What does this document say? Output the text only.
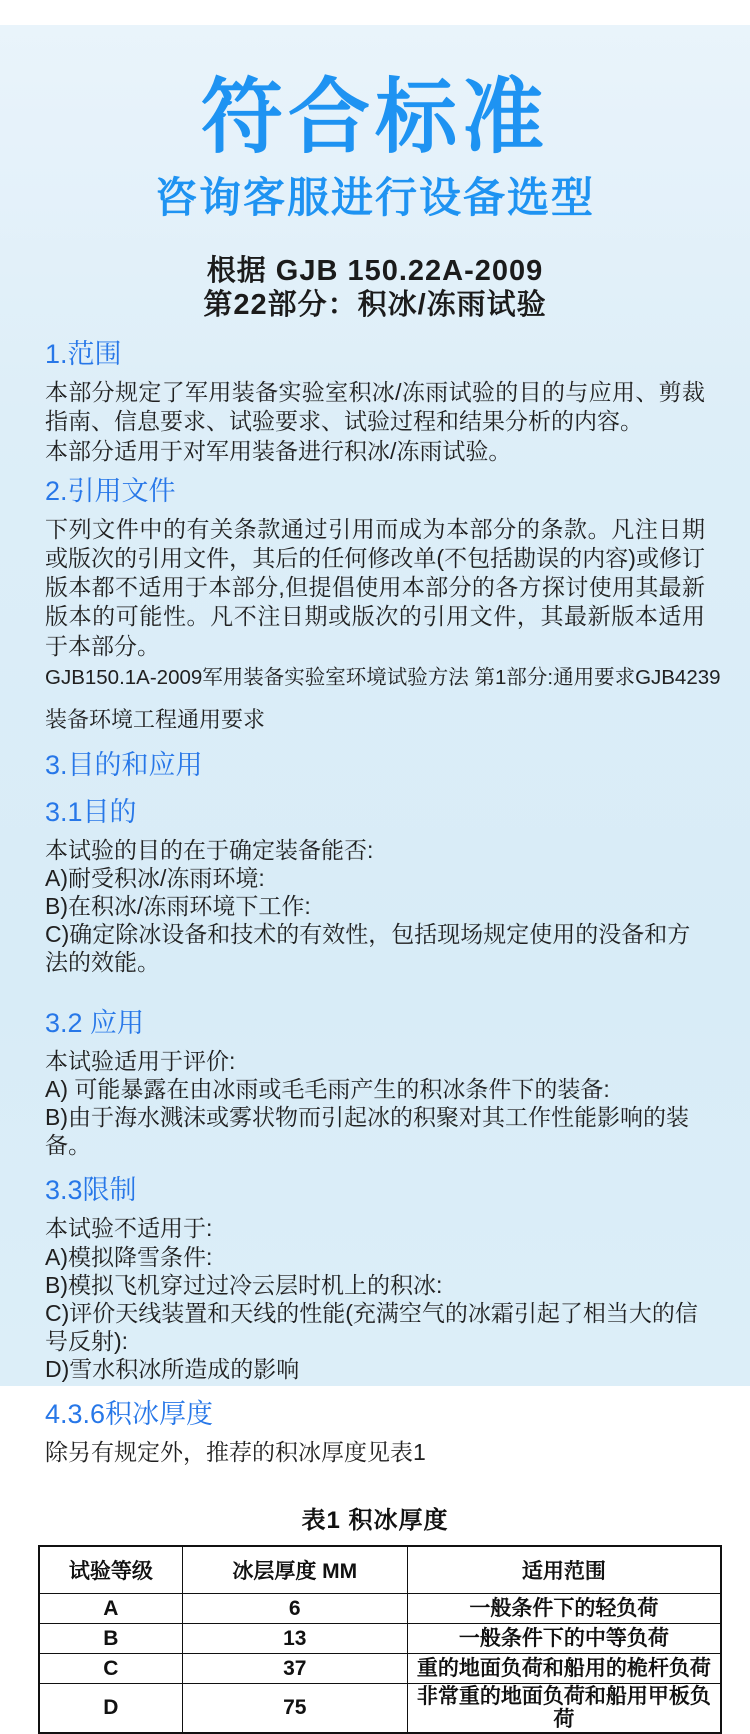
符合标准
咨询客服进行设备选型
根据 GJB 150.22A-2009
第22部分：积冰/冻雨试验
1.范围

本部分规定了军用装备实验室积冰/冻雨试验的目的与应用、剪裁指南、信息要求、试验要求、试验过程和结果分析的内容。

本部分适用于对军用装备进行积冰/冻雨试验。

2.引用文件

下列文件中的有关条款通过引用而成为本部分的条款。凡注日期或版次的引用文件，其后的任何修改单(不包括勘误的内容)或修订版本都不适用于本部分,但提倡使用本部分的各方探讨使用其最新版本的可能性。凡不注日期或版次的引用文件，其最新版本适用于本部分。

GJB150.1A-2009军用装备实验室环境试验方法 第1部分:通用要求GJB4239

装备环境工程通用要求

3.目的和应用
3.1目的

本试验的目的在于确定装备能否:

A)耐受积冰/冻雨环境:

B)在积冰/冻雨环境下工作:

C)确定除冰设备和技术的有效性，包括现场规定使用的没备和方法的效能。

3.2 应用

本试验适用于评价:

A) 可能暴露在由冰雨或毛毛雨产生的积冰条件下的装备:

B)由于海水溅沫或雾状物而引起冰的积聚对其工作性能影响的装备。

3.3限制

本试验不适用于:

A)模拟降雪条件:

B)模拟飞机穿过过冷云层时机上的积冰:

C)评价天线装置和天线的性能(充满空气的冰霜引起了相当大的信号反射):

D)雪水积冰所造成的影响

4.3.6积冰厚度

除另有规定外，推荐的积冰厚度见表1

表1 积冰厚度
试验等级	冰层厚度 MM	适用范围
A	6	一般条件下的轻负荷
B	13	一般条件下的中等负荷
C	37	重的地面负荷和船用的桅杆负荷
D	75	非常重的地面负荷和船用甲板负荷
